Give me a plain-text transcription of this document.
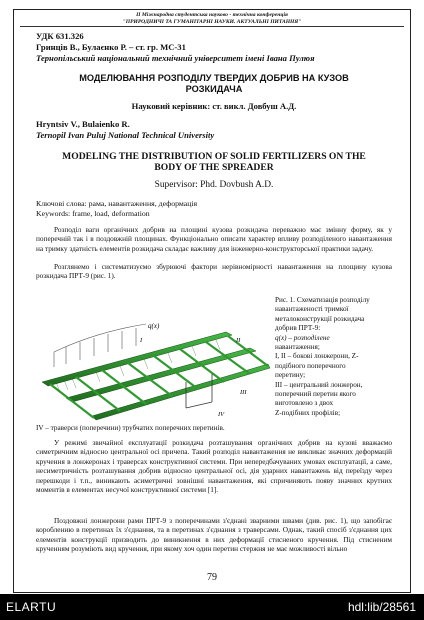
II Міжнародна студентська науково - технічна конференція
"ПРИРОДНИЧІ ТА ГУМАНІТАРНІ НАУКИ. АКТУАЛЬНІ ПИТАННЯ"
УДК 631.326
Гринців В., Булаєнко Р. – ст. гр. МС-31
Тернопільський національний технічний університет імені Івана Пулюя
МОДЕЛЮВАННЯ РОЗПОДІЛУ ТВЕРДИХ ДОБРИВ НА КУЗОВ
РОЗКИДАЧА
Науковий керівник: ст. викл. Довбуш А.Д.
Hryntsiv V., Bulaienko R.
Ternopil Ivan Puluj National Technical University
MODELING THE DISTRIBUTION OF SOLID FERTILIZERS ON THE
BODY OF THE SPREADER
Supervisor: Phd. Dovbush A.D.
Ключові слова: рама, навантаження, деформація
Keywords: frame, load, deformation

Розподіл ваги органічних добрив на площині кузова розкидача переважно має змінну форму, як у поперечній так і в поздовжній площинах. Функціонально описати характер впливу розподіленого навантаження на тримку здатність елементів розкидача складає важливу для інженерно-конструкторської практики задачу.

Розглянемо і систематизуємо збурюючі фактори нерівномірності навантаження на площину кузова розкидача ПРТ-9 (рис. 1).

q(x)
I	II
III
IV
Рис. 1. Схематизація розподілу
навантаженості тримкої
металоконструкції розкидача
добрив ПРТ-9:
q(x) – розподілене
навантаження;
I, II – бокові лонжерони, Z-
подібного поперечного
перетину;
III – центральний лонжерон,
поперечний перетин якого
виготовлено з двох
Z-подібних профілів;
IV – траверси (поперечини) трубчатих поперечних перетинів.

У режимі звичайної експлуатації розкидача розташування органічних добрив на кузові вважаємо симетричним відносно центральної осі причепа. Такий розподіл навантаження не викликає значних деформацій кручення в лонжеронах і траверсах конструктивної системи. При непередбачуваних умовах експлуатації, а саме, несиметричність розташування добрив відносно центральної осі, дія ударних навантажень від переїзду через перешкоди і т.п., виникають асиметричні зовнішні навантаження, які спричиняють появу значних крутних моментів в елементах несучої конструктивної системи [1].

Поздовжні лонжерони рами ПРТ-9 з поперечинами з'єднані зварними швами (див. рис. 1), що запобігає короблению в перетинах їх з'єднання, та в перетинах з'єднання з траверсами. Однак, такий спосіб з'єднання цих елементів конструкції призводить до виникнення в них деформації стисненого кручення. Під стисненим крученням розуміють вид кручення, при якому хоч один перетин стержня не має можливості вільно

79
ELARTU	hdl:lib/28561
